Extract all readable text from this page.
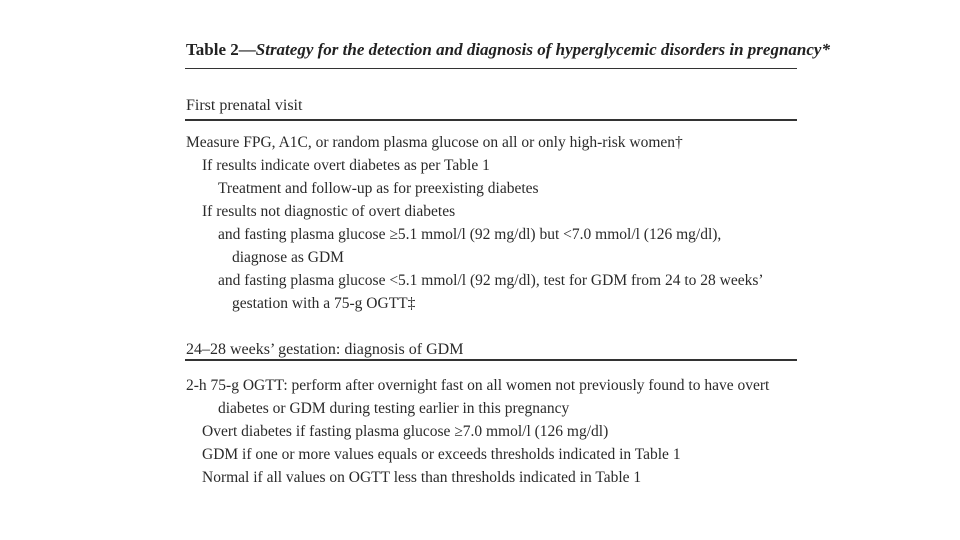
Table 2—Strategy for the detection and diagnosis of hyperglycemic disorders in pregnancy*
First prenatal visit
Measure FPG, A1C, or random plasma glucose on all or only high-risk women†
If results indicate overt diabetes as per Table 1
Treatment and follow-up as for preexisting diabetes
If results not diagnostic of overt diabetes
and fasting plasma glucose ≥5.1 mmol/l (92 mg/dl) but <7.0 mmol/l (126 mg/dl),
diagnose as GDM
and fasting plasma glucose <5.1 mmol/l (92 mg/dl), test for GDM from 24 to 28 weeks’
gestation with a 75-g OGTT‡
24–28 weeks’ gestation: diagnosis of GDM
2-h 75-g OGTT: perform after overnight fast on all women not previously found to have overt
diabetes or GDM during testing earlier in this pregnancy
Overt diabetes if fasting plasma glucose ≥7.0 mmol/l (126 mg/dl)
GDM if one or more values equals or exceeds thresholds indicated in Table 1
Normal if all values on OGTT less than thresholds indicated in Table 1
